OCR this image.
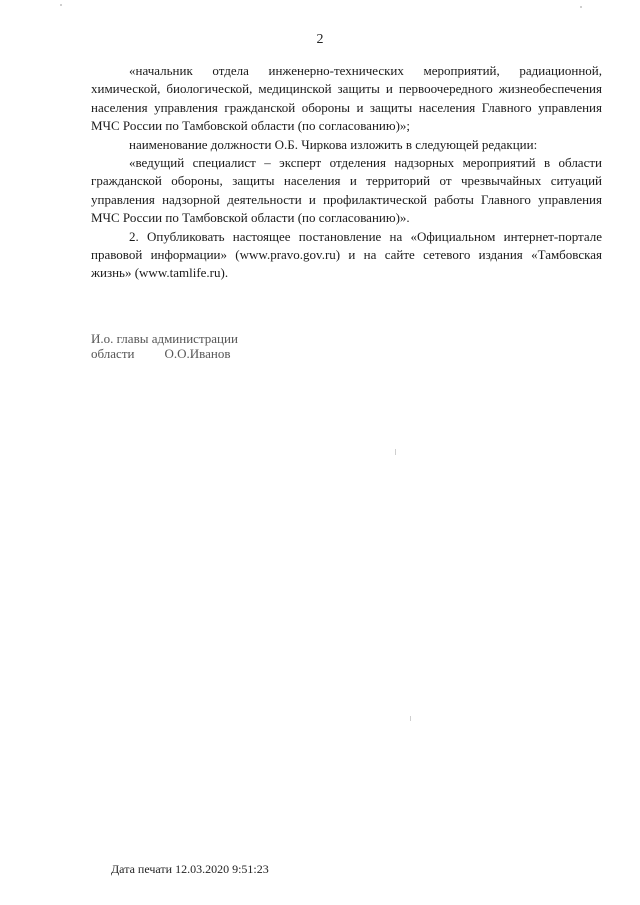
2

«начальник отдела инженерно-технических мероприятий, радиационной, химической, биологической, медицинской защиты и первоочередного жизнеобеспечения населения управления гражданской обороны и защиты населения Главного управления МЧС России по Тамбовской области (по согласованию)»;

наименование должности О.Б. Чиркова изложить в следующей редакции:

«ведущий специалист – эксперт отделения надзорных мероприятий в области гражданской обороны, защиты населения и территорий от чрезвычайных ситуаций управления надзорной деятельности и профилактической работы Главного управления МЧС России по Тамбовской области (по согласованию)».

2. Опубликовать настоящее постановление на «Официальном интернет-портале правовой информации» (www.pravo.gov.ru) и на сайте сетевого издания «Тамбовская жизнь» (www.tamlife.ru).

И.о. главы администрации
области О.О.Иванов
Дата печати 12.03.2020 9:51:23
